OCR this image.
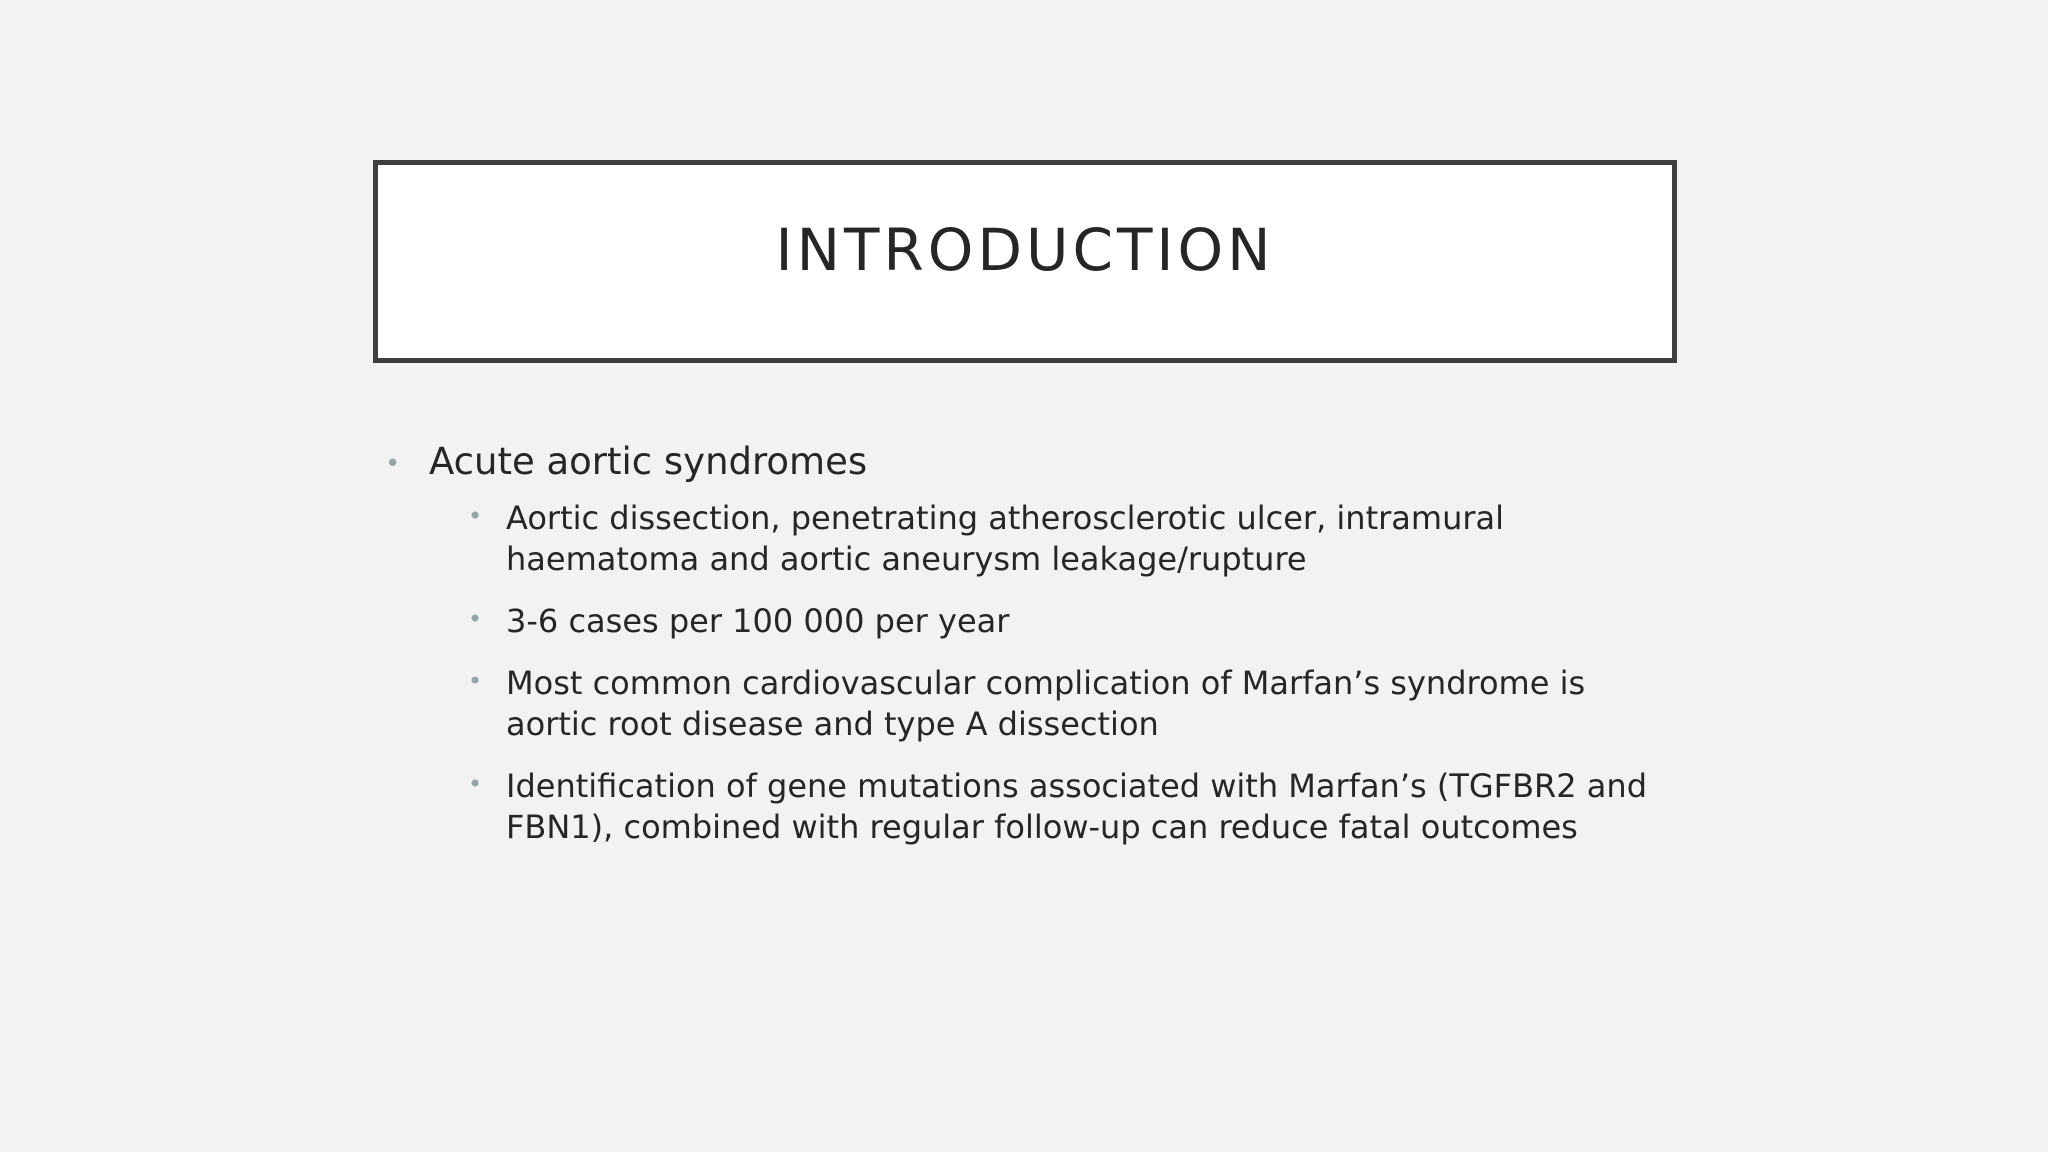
INTRODUCTION
• Acute aortic syndromes
• Aortic dissection, penetrating atherosclerotic ulcer, intramural haematoma and aortic aneurysm leakage/rupture
• 3-6 cases per 100 000 per year
• Most common cardiovascular complication of Marfan’s syndrome is aortic root disease and type A dissection
• Identification of gene mutations associated with Marfan’s (TGFBR2 and FBN1), combined with regular follow-up can reduce fatal outcomes
